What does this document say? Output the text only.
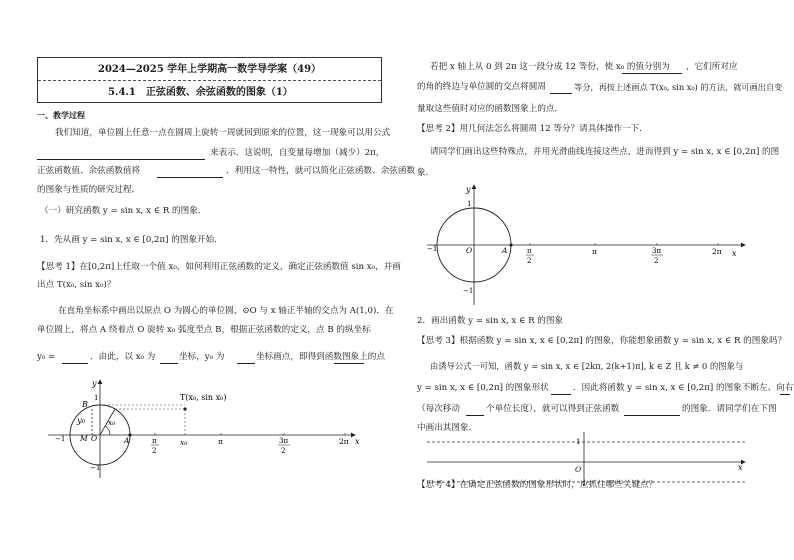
2024—2025 学年上学期高一数学导学案（49）
5.4.1　正弦函数、余弦函数的图象（1）
一、教学过程
我们知道，单位圆上任意一点在圆周上旋转一周就回到原来的位置，这一现象可以用公式
来表示．这说明，自变量每增加（减少）2π，
正弦函数值、余弦函数值将	．利用这一特性，就可以简化正弦函数、余弦函数
的图象与性质的研究过程．
（一）研究函数 y = sin x, x ∈ R 的图象．
1．先从画 y = sin x, x ∈ [0,2π] 的图象开始．
【思考 1】在[0,2π]上任取一个值 x₀，如何利用正弦函数的定义，确定正弦函数值 sin x₀，并画
出点 T(x₀, sin x₀)？
在直角坐标系中画出以原点 O 为圆心的单位圆，⊙O 与 x 轴正半轴的交点为 A(1,0)．在
单位圆上，将点 A 绕着点 O 旋转 x₀ 弧度至点 B，根据正弦函数的定义，点 B 的纵坐标
y₀ =	．由此，以 x₀ 为	坐标，y₀ 为	坐标画点，即得到函数图象上的点
T(x₀, sin x₀)
y
1
B
y₀	x₀
−1 M O	A	π
2
x₀	π	3π
2
2π x
−1
若把 x 轴上从 0 到 2π 这一段分成 12 等份，使 x₀ 的值分别为 ，它们所对应
的角的终边与单位圆的交点将圆周	等分，再按上述画点 T(x₀, sin x₀) 的方法，就可画出自变
量取这些值时对应的函数图象上的点．
【思考 2】用几何法怎么将圆周 12 等分？请具体操作一下．
请同学们画出这些特殊点，并用光滑曲线连接这些点，进而得到 y = sin x, x ∈ [0,2π] 的图
象．
y
1
−1	O	A	π
2
π	3π
2
2π x
−1
2．画出函数 y = sin x, x ∈ R 的图象
【思考 3】根据函数 y = sin x, x ∈ [0,2π] 的图象，你能想象函数 y = sin x, x ∈ R 的图象吗？
由诱导公式一可知，函数 y = sin x, x ∈ [2kπ, 2(k+1)π], k ∈ Z 且 k ≠ 0 的图象与
y = sin x, x ∈ [0,2π] 的图象形状	．因此将函数 y = sin x, x ∈ [0,2π] 的图象不断左、向右
（每次移动	个单位长度），就可以得到正弦函数	的图象．请同学们在下图
中画出其图象．
1
O	x
【思考 4】在确定正弦函数的图象形状时，应抓住哪些关键点？
